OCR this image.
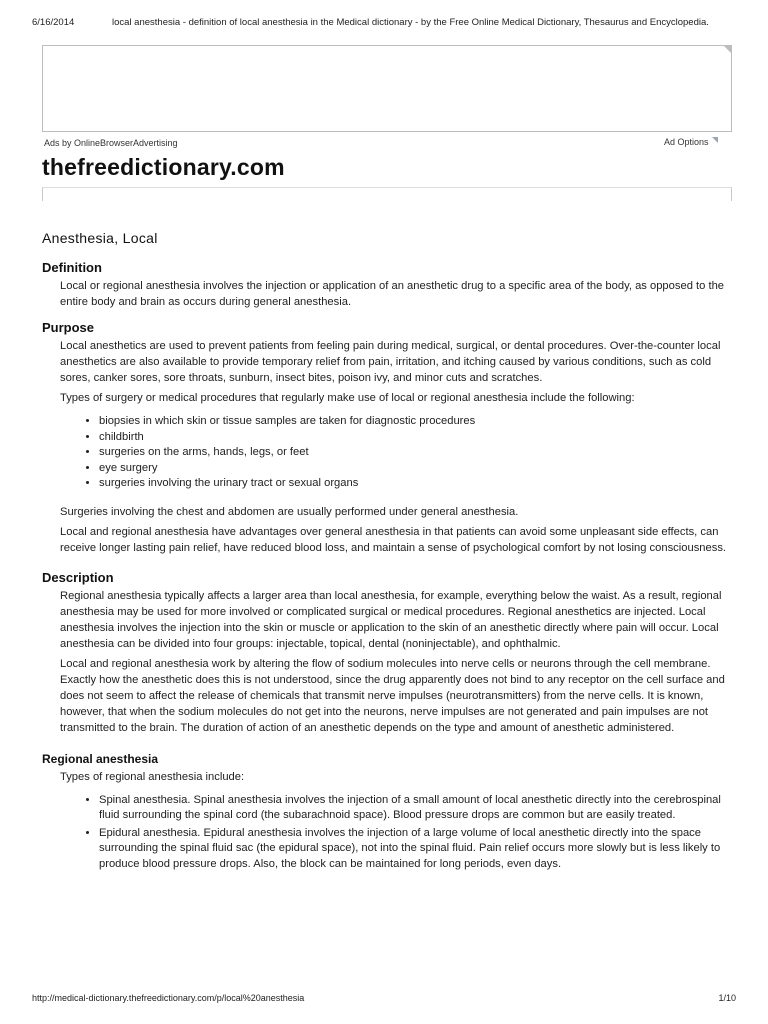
6/16/2014	local anesthesia - definition of local anesthesia in the Medical dictionary - by the Free Online Medical Dictionary, Thesaurus and Encyclopedia.
Ads by OnlineBrowserAdvertising	Ad Options
thefreedictionary.com
Anesthesia, Local
Definition

Local or regional anesthesia involves the injection or application of an anesthetic drug to a specific area of the body, as opposed to the entire body and brain as occurs during general anesthesia.

Purpose

Local anesthetics are used to prevent patients from feeling pain during medical, surgical, or dental procedures. Over-the-counter local anesthetics are also available to provide temporary relief from pain, irritation, and itching caused by various conditions, such as cold sores, canker sores, sore throats, sunburn, insect bites, poison ivy, and minor cuts and scratches.

Types of surgery or medical procedures that regularly make use of local or regional anesthesia include the following:

• biopsies in which skin or tissue samples are taken for diagnostic procedures
• childbirth
• surgeries on the arms, hands, legs, or feet
• eye surgery
• surgeries involving the urinary tract or sexual organs

Surgeries involving the chest and abdomen are usually performed under general anesthesia.

Local and regional anesthesia have advantages over general anesthesia in that patients can avoid some unpleasant side effects, can receive longer lasting pain relief, have reduced blood loss, and maintain a sense of psychological comfort by not losing consciousness.

Description

Regional anesthesia typically affects a larger area than local anesthesia, for example, everything below the waist. As a result, regional anesthesia may be used for more involved or complicated surgical or medical procedures. Regional anesthetics are injected. Local anesthesia involves the injection into the skin or muscle or application to the skin of an anesthetic directly where pain will occur. Local anesthesia can be divided into four groups: injectable, topical, dental (noninjectable), and ophthalmic.

Local and regional anesthesia work by altering the flow of sodium molecules into nerve cells or neurons through the cell membrane. Exactly how the anesthetic does this is not understood, since the drug apparently does not bind to any receptor on the cell surface and does not seem to affect the release of chemicals that transmit nerve impulses (neurotransmitters) from the nerve cells. It is known, however, that when the sodium molecules do not get into the neurons, nerve impulses are not generated and pain impulses are not transmitted to the brain. The duration of action of an anesthetic depends on the type and amount of anesthetic administered.

Regional anesthesia

Types of regional anesthesia include:

• Spinal anesthesia. Spinal anesthesia involves the injection of a small amount of local anesthetic directly into the cerebrospinal fluid surrounding the spinal cord (the subarachnoid space). Blood pressure drops are common but are easily treated.
• Epidural anesthesia. Epidural anesthesia involves the injection of a large volume of local anesthetic directly into the space surrounding the spinal fluid sac (the epidural space), not into the spinal fluid. Pain relief occurs more slowly but is less likely to produce blood pressure drops. Also, the block can be maintained for long periods, even days.
http://medical-dictionary.thefreedictionary.com/p/local%20anesthesia	1/10
